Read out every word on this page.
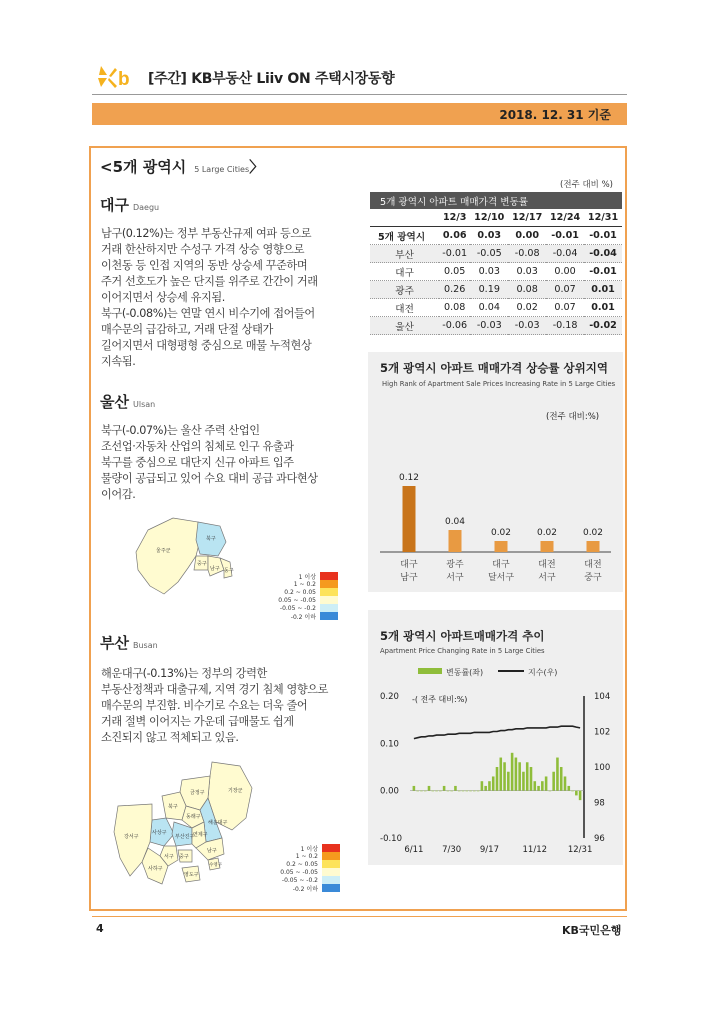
b [주간] KB부동산 Liiv ON 주택시장동향
2018. 12. 31 기준
<5개 광역시 5 Large Cities〉
대구 Daegu

남구(0.12%)는 정부 부동산규제 여파 등으로

거래 한산하지만 수성구 가격 상승 영향으로

이천동 등 인접 지역의 동반 상승세 꾸준하며

주거 선호도가 높은 단지를 위주로 간간이 거래

이어지면서 상승세 유지됨.

북구(-0.08%)는 연말 연시 비수기에 접어들어

매수문의 급감하고, 거래 단절 상태가

길어지면서 대형평형 중심으로 매물 누적현상

지속됨.

울산 Ulsan

북구(-0.07%)는 울산 주력 산업인

조선업·자동차 산업의 침체로 인구 유출과

북구를 중심으로 대단지 신규 아파트 입주

물량이 공급되고 있어 수요 대비 공급 과다현상

이어감.

울주군
북구
중구
남구 동구
1 이상
1 ~ 0.2
0.2 ~ 0.05
0.05 ~ -0.05
-0.05 ~ -0.2
-0.2 이하
부산 Busan

해운대구(-0.13%)는 정부의 강력한

부동산정책과 대출규제, 지역 경기 침체 영향으로

매수문의 부진함. 비수기로 수요는 더욱 줄어

거래 절벽 이어지는 가운데 급매물도 쉽게

소진되지 않고 적체되고 있음.

기장군
금정구
북구
동래구
해운대구
사상구
부산진구
연제구
남구
서구
사하구
강서구
중구
영도구
수영구
1 이상
1 ~ 0.2
0.2 ~ 0.05
0.05 ~ -0.05
-0.05 ~ -0.2
-0.2 이하
(전주 대비 %)
5개 광역시 아파트 매매가격 변동률					
	12/3	12/10	12/17	12/24	12/31
5개 광역시	0.06	0.03	0.00	-0.01	-0.01
부산	-0.01	-0.05	-0.08	-0.04	-0.04
대구	0.05	0.03	0.03	0.00	-0.01
광주	0.26	0.19	0.08	0.07	0.01
대전	0.08	0.04	0.02	0.07	0.01
울산	-0.06	-0.03	-0.03	-0.18	-0.02
5개 광역시 아파트 매매가격 상승률 상위지역
High Rank of Apartment Sale Prices Increasing Rate in 5 Large Cities
(전주 대비:%)
0.12
대구
남구
0.04
광주
서구
0.02
대구
달서구
0.02
대전
서구
0.02
대전
중구
5개 광역시 아파트매매가격 추이
Apartment Price Changing Rate in 5 Large Cities
변동률(좌)	지수(우)
-( 전주 대비:%)
0.20
0.10
0.00
-0.10
104
102
100
98
96
6/11 7/30 9/17	11/12 12/31
4	KB국민은행
